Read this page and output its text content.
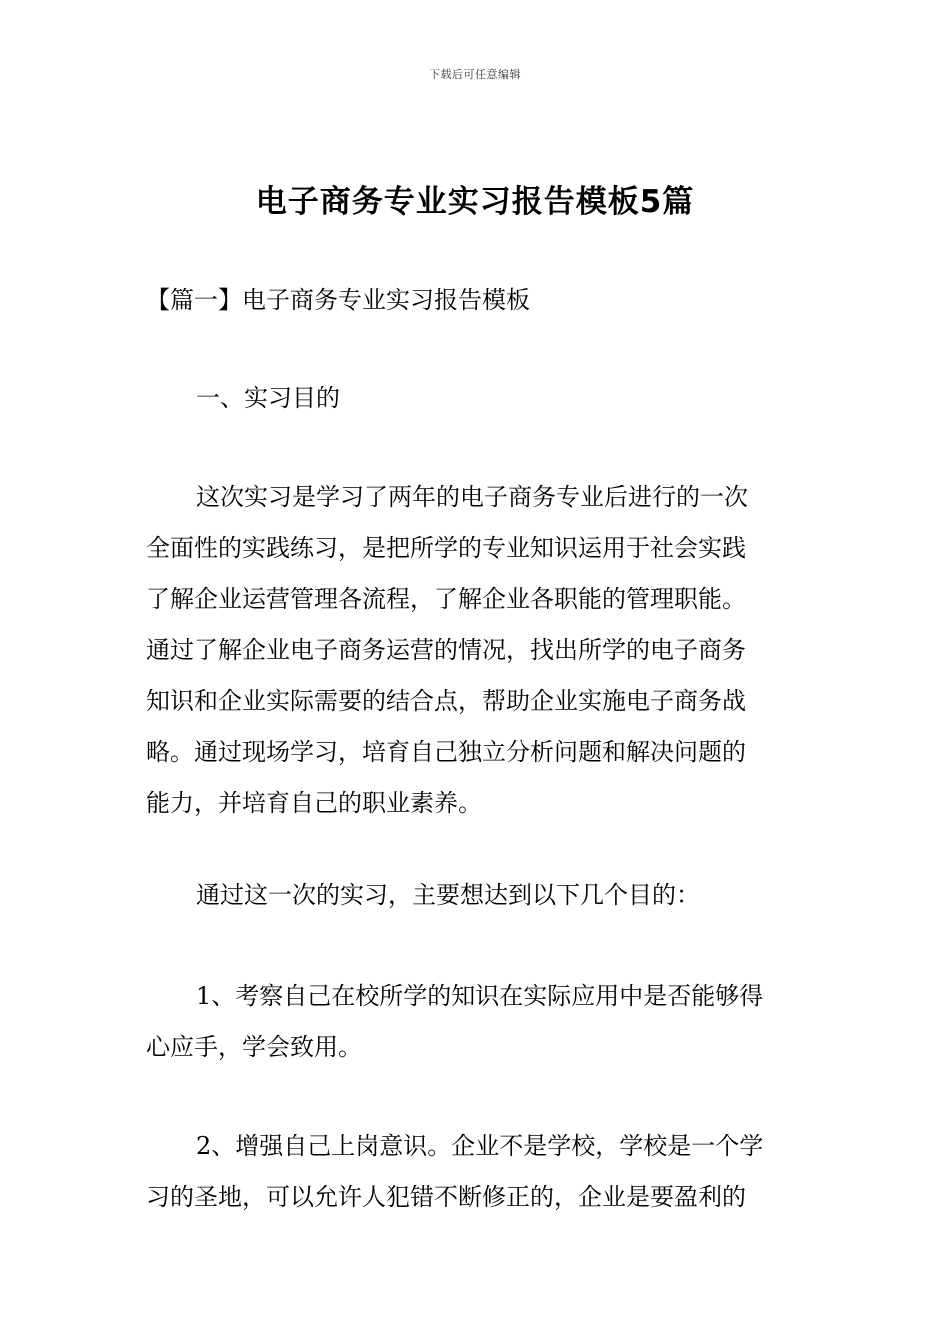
下载后可任意编辑
电子商务专业实习报告模板5篇
【篇一】电子商务专业实习报告模板
一、实习目的
这次实习是学习了两年的电子商务专业后进行的一次
全面性的实践练习，是把所学的专业知识运用于社会实践
了解企业运营管理各流程，了解企业各职能的管理职能。
通过了解企业电子商务运营的情况，找出所学的电子商务
知识和企业实际需要的结合点，帮助企业实施电子商务战
略。通过现场学习，培育自己独立分析问题和解决问题的
能力，并培育自己的职业素养。
通过这一次的实习，主要想达到以下几个目的：
1、考察自己在校所学的知识在实际应用中是否能够得
心应手，学会致用。
2、增强自己上岗意识。企业不是学校，学校是一个学
习的圣地，可以允许人犯错不断修正的，企业是要盈利的
